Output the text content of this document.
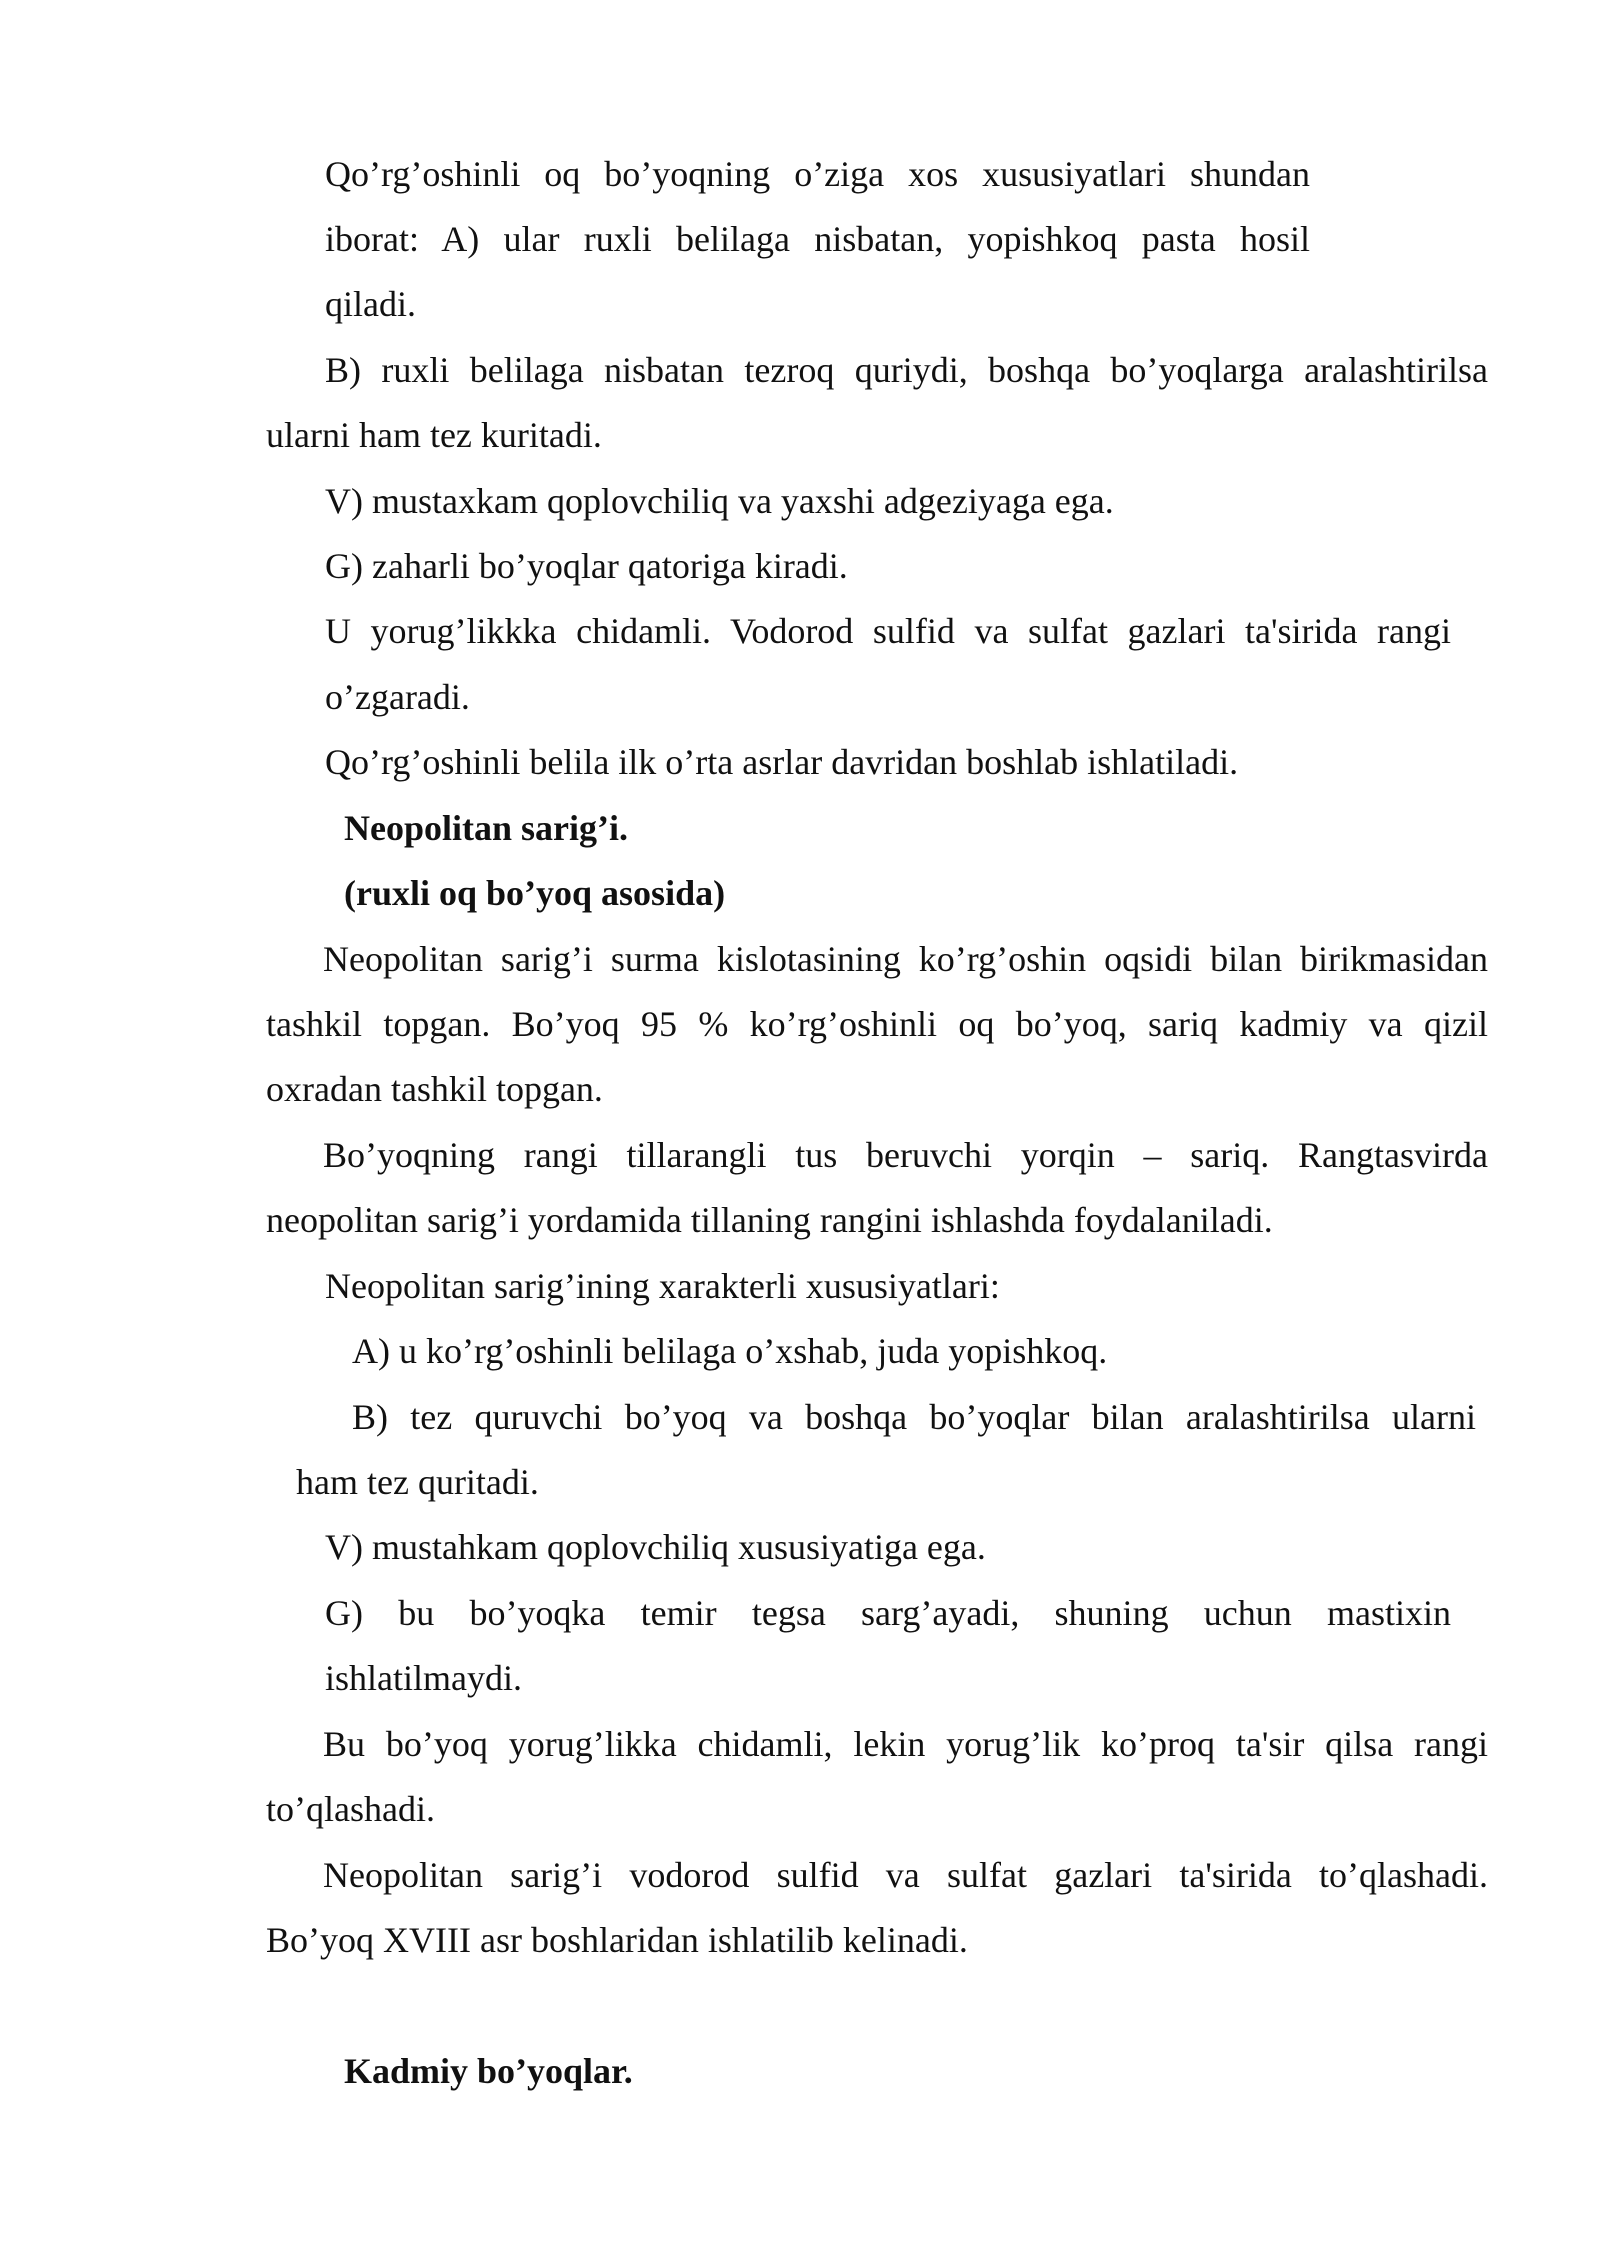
Qo’rg’oshinli oq bo’yoqning o’ziga xos xususiyatlari shundan

iborat: A) ular ruxli belilaga nisbatan, yopishkoq pasta hosil

qiladi.

B) ruxli belilaga nisbatan tezroq quriydi, boshqa bo’yoqlarga aralashtirilsa

ularni ham tez kuritadi.

V) mustaxkam qoplovchiliq va yaxshi adgeziyaga ega.

G) zaharli bo’yoqlar qatoriga kiradi.

U yorug’likkka chidamli. Vodorod sulfid va sulfat gazlari ta'sirida rangi

o’zgaradi.

Qo’rg’oshinli belila ilk o’rta asrlar davridan boshlab ishlatiladi.

Neopolitan sarig’i.

(ruxli oq bo’yoq asosida)

Neopolitan sarig’i surma kislotasining ko’rg’oshin oqsidi bilan birikmasidan

tashkil topgan. Bo’yoq 95 % ko’rg’oshinli oq bo’yoq, sariq kadmiy va qizil

oxradan tashkil topgan.

Bo’yoqning rangi tillarangli tus beruvchi yorqin – sariq. Rangtasvirda

neopolitan sarig’i yordamida tillaning rangini ishlashda foydalaniladi.

Neopolitan sarig’ining xarakterli xususiyatlari:

A) u ko’rg’oshinli belilaga o’xshab, juda yopishkoq.

B) tez quruvchi bo’yoq va boshqa bo’yoqlar bilan aralashtirilsa ularni

ham tez quritadi.

V) mustahkam qoplovchiliq xususiyatiga ega.

G) bu bo’yoqka temir tegsa sarg’ayadi, shuning uchun mastixin

ishlatilmaydi.

Bu bo’yoq yorug’likka chidamli, lekin yorug’lik ko’proq ta'sir qilsa rangi

to’qlashadi.

Neopolitan sarig’i vodorod sulfid va sulfat gazlari ta'sirida to’qlashadi.

Bo’yoq XVIII asr boshlaridan ishlatilib kelinadi.

Kadmiy bo’yoqlar.
